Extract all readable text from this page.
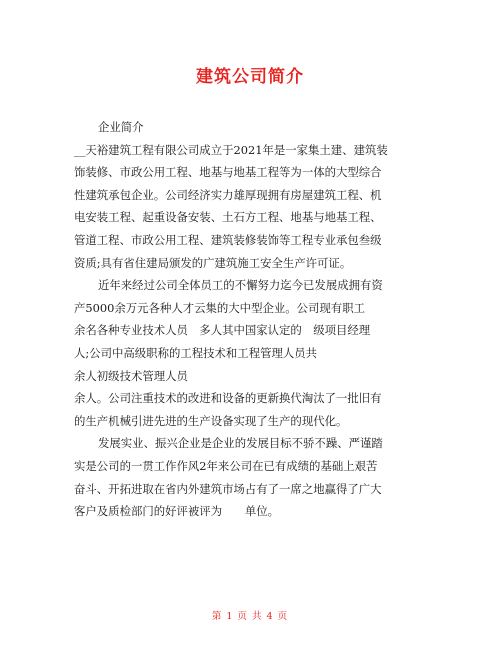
建筑公司简介
企业简介
__天裕建筑工程有限公司成立于2021年是一家集土建、建筑装
饰装修、市政公用工程、地基与地基工程等为一体的大型综合
性建筑承包企业。公司经济实力雄厚现拥有房屋建筑工程、机
电安装工程、起重设备安装、土石方工程、地基与地基工程、
管道工程、市政公用工程、建筑装修装饰等工程专业承包叁级
资质;具有省住建局颁发的广建筑施工安全生产许可证。
近年来经过公司全体员工的不懈努力迄今已发展成拥有资
产5000余万元各种人才云集的大中型企业。公司现有职工
余名各种专业技术人员　多人其中国家认定的　级项目经理
人;公司中高级职称的工程技术和工程管理人员共
余人初级技术管理人员
余人。公司注重技术的改进和设备的更新换代淘汰了一批旧有
的生产机械引进先进的生产设备实现了生产的现代化。
发展实业、振兴企业是企业的发展目标不骄不躁、严谨踏
实是公司的一贯工作作风2年来公司在已有成绩的基础上艰苦
奋斗、开拓进取在省内外建筑市场占有了一席之地赢得了广大
客户及质检部门的好评被评为　　单位。
第 1 页 共 4 页
